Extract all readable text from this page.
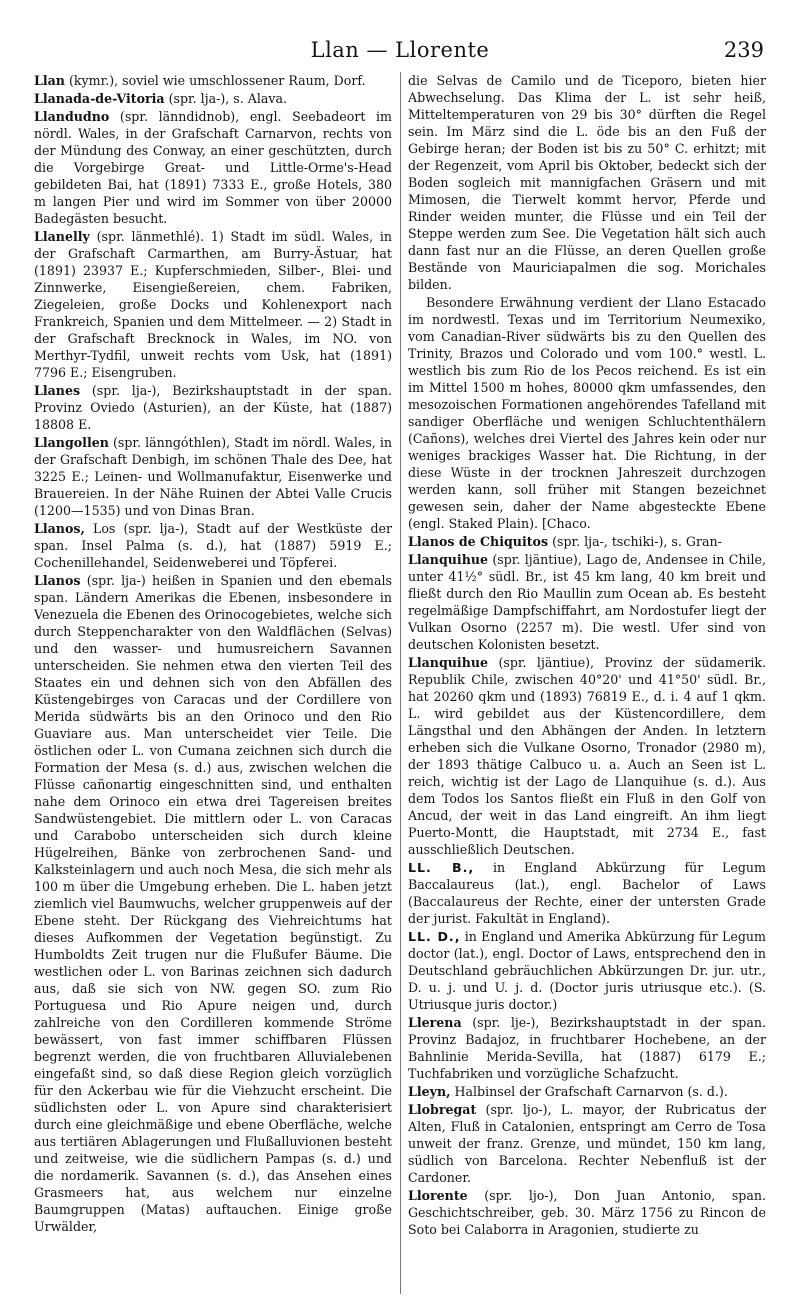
Llan — Llorente	239

Llan (kymr.), soviel wie umschlossener Raum, Dorf.

Llanada-de-Vitoria (spr. lja-), s. Alava.

Llandudno (spr. länndidnob), engl. Seebadeort im nördl. Wales, in der Grafschaft Carnarvon, rechts von der Mündung des Conway, an einer geschützten, durch die Vorgebirge Great- und Little-Orme's-Head gebildeten Bai, hat (1891) 7333 E., große Hotels, 380 m langen Pier und wird im Sommer von über 20000 Badegästen besucht.

Llanelly (spr. länmethlé). 1) Stadt im südl. Wales, in der Grafschaft Carmarthen, am Burry-Ästuar, hat (1891) 23937 E.; Kupferschmieden, Silber-, Blei- und Zinnwerke, Eisengießereien, chem. Fabriken, Ziegeleien, große Docks und Kohlenexport nach Frankreich, Spanien und dem Mittelmeer. — 2) Stadt in der Grafschaft Brecknock in Wales, im NO. von Merthyr-Tydfil, unweit rechts vom Usk, hat (1891) 7796 E.; Eisengruben.

Llanes (spr. lja-), Bezirkshauptstadt in der span. Provinz Oviedo (Asturien), an der Küste, hat (1887) 18808 E.

Llangollen (spr. länngóthlen), Stadt im nördl. Wales, in der Grafschaft Denbigh, im schönen Thale des Dee, hat 3225 E.; Leinen- und Wollmanufaktur, Eisenwerke und Brauereien. In der Nähe Ruinen der Abtei Valle Crucis (1200—1535) und von Dinas Bran.

Llanos, Los (spr. lja-), Stadt auf der Westküste der span. Insel Palma (s. d.), hat (1887) 5919 E.; Cochenillehandel, Seidenweberei und Töpferei.

Llanos (spr. lja-) heißen in Spanien und den ebemals span. Ländern Amerikas die Ebenen, insbesondere in Venezuela die Ebenen des Orinocogebietes, welche sich durch Steppencharakter von den Waldflächen (Selvas) und den wasser- und humusreichern Savannen unterscheiden. Sie nehmen etwa den vierten Teil des Staates ein und dehnen sich von den Abfällen des Küstengebirges von Caracas und der Cordillere von Merida südwärts bis an den Orinoco und den Rio Guaviare aus. Man unterscheidet vier Teile. Die östlichen oder L. von Cumana zeichnen sich durch die Formation der Mesa (s. d.) aus, zwischen welchen die Flüsse cañonartig eingeschnitten sind, und enthalten nahe dem Orinoco ein etwa drei Tagereisen breites Sandwüstengebiet. Die mittlern oder L. von Caracas und Carabobo unterscheiden sich durch kleine Hügelreihen, Bänke von zerbrochenen Sand- und Kalksteinlagern und auch noch Mesa, die sich mehr als 100 m über die Umgebung erheben. Die L. haben jetzt ziemlich viel Baumwuchs, welcher gruppenweis auf der Ebene steht. Der Rückgang des Viehreichtums hat dieses Aufkommen der Vegetation begünstigt. Zu Humboldts Zeit trugen nur die Flußufer Bäume. Die westlichen oder L. von Barinas zeichnen sich dadurch aus, daß sie sich von NW. gegen SO. zum Rio Portuguesa und Rio Apure neigen und, durch zahlreiche von den Cordilleren kommende Ströme bewässert, von fast immer schiffbaren Flüssen begrenzt werden, die von fruchtbaren Alluvialebenen eingefaßt sind, so daß diese Region gleich vorzüglich für den Ackerbau wie für die Viehzucht erscheint. Die südlichsten oder L. von Apure sind charakterisiert durch eine gleichmäßige und ebene Oberfläche, welche aus tertiären Ablagerungen und Flußalluvionen besteht und zeitweise, wie die südlichern Pampas (s. d.) und die nordamerik. Savannen (s. d.), das Ansehen eines Grasmeers hat, aus welchem nur einzelne Baumgruppen (Matas) auftauchen. Einige große Urwälder,

die Selvas de Camilo und de Ticeporo, bieten hier Abwechselung. Das Klima der L. ist sehr heiß, Mitteltemperaturen von 29 bis 30° dürften die Regel sein. Im März sind die L. öde bis an den Fuß der Gebirge heran; der Boden ist bis zu 50° C. erhitzt; mit der Regenzeit, vom April bis Oktober, bedeckt sich der Boden sogleich mit mannigfachen Gräsern und mit Mimosen, die Tierwelt kommt hervor, Pferde und Rinder weiden munter, die Flüsse und ein Teil der Steppe werden zum See. Die Vegetation hält sich auch dann fast nur an die Flüsse, an deren Quellen große Bestände von Mauriciapalmen die sog. Morichales bilden.

Besondere Erwähnung verdient der Llano Estacado im nordwestl. Texas und im Territorium Neumexiko, vom Canadian-River südwärts bis zu den Quellen des Trinity, Brazos und Colorado und vom 100.° westl. L. westlich bis zum Rio de los Pecos reichend. Es ist ein im Mittel 1500 m hohes, 80000 qkm umfassendes, den mesozoischen Formationen angehörendes Tafelland mit sandiger Oberfläche und wenigen Schluchtenthälern (Cañons), welches drei Viertel des Jahres kein oder nur weniges brackiges Wasser hat. Die Richtung, in der diese Wüste in der trocknen Jahreszeit durchzogen werden kann, soll früher mit Stangen bezeichnet gewesen sein, daher der Name abgesteckte Ebene (engl. Staked Plain). [Chaco.

Llanos de Chiquitos (spr. lja-, tschiki-), s. Gran-

Llanquihue (spr. ljäntiue), Lago de, Andensee in Chile, unter 41½° südl. Br., ist 45 km lang, 40 km breit und fließt durch den Rio Maullin zum Ocean ab. Es besteht regelmäßige Dampfschiffahrt, am Nordostufer liegt der Vulkan Osorno (2257 m). Die westl. Ufer sind von deutschen Kolonisten besetzt.

Llanquihue (spr. ljäntiue), Provinz der südamerik. Republik Chile, zwischen 40°20' und 41°50' südl. Br., hat 20260 qkm und (1893) 76819 E., d. i. 4 auf 1 qkm. L. wird gebildet aus der Küstencordillere, dem Längsthal und den Abhängen der Anden. In letztern erheben sich die Vulkane Osorno, Tronador (2980 m), der 1893 thätige Calbuco u. a. Auch an Seen ist L. reich, wichtig ist der Lago de Llanquihue (s. d.). Aus dem Todos los Santos fließt ein Fluß in den Golf von Ancud, der weit in das Land eingreift. An ihm liegt Puerto-Montt, die Hauptstadt, mit 2734 E., fast ausschließlich Deutschen.

LL. B., in England Abkürzung für Legum Baccalaureus (lat.), engl. Bachelor of Laws (Baccalaureus der Rechte, einer der untersten Grade der jurist. Fakultät in England).

LL. D., in England und Amerika Abkürzung für Legum doctor (lat.), engl. Doctor of Laws, entsprechend den in Deutschland gebräuchlichen Abkürzungen Dr. jur. utr., D. u. j. und U. j. d. (Doctor juris utriusque etc.). (S. Utriusque juris doctor.)

Llerena (spr. lje-), Bezirkshauptstadt in der span. Provinz Badajoz, in fruchtbarer Hochebene, an der Bahnlinie Merida-Sevilla, hat (1887) 6179 E.; Tuchfabriken und vorzügliche Schafzucht.

Lleyn, Halbinsel der Grafschaft Carnarvon (s. d.).

Llobregat (spr. ljo-), L. mayor, der Rubricatus der Alten, Fluß in Catalonien, entspringt am Cerro de Tosa unweit der franz. Grenze, und mündet, 150 km lang, südlich von Barcelona. Rechter Nebenfluß ist der Cardoner.

Llorente (spr. ljo-), Don Juan Antonio, span. Geschichtschreiber, geb. 30. März 1756 zu Rincon de Soto bei Calaborra in Aragonien, studierte zu
